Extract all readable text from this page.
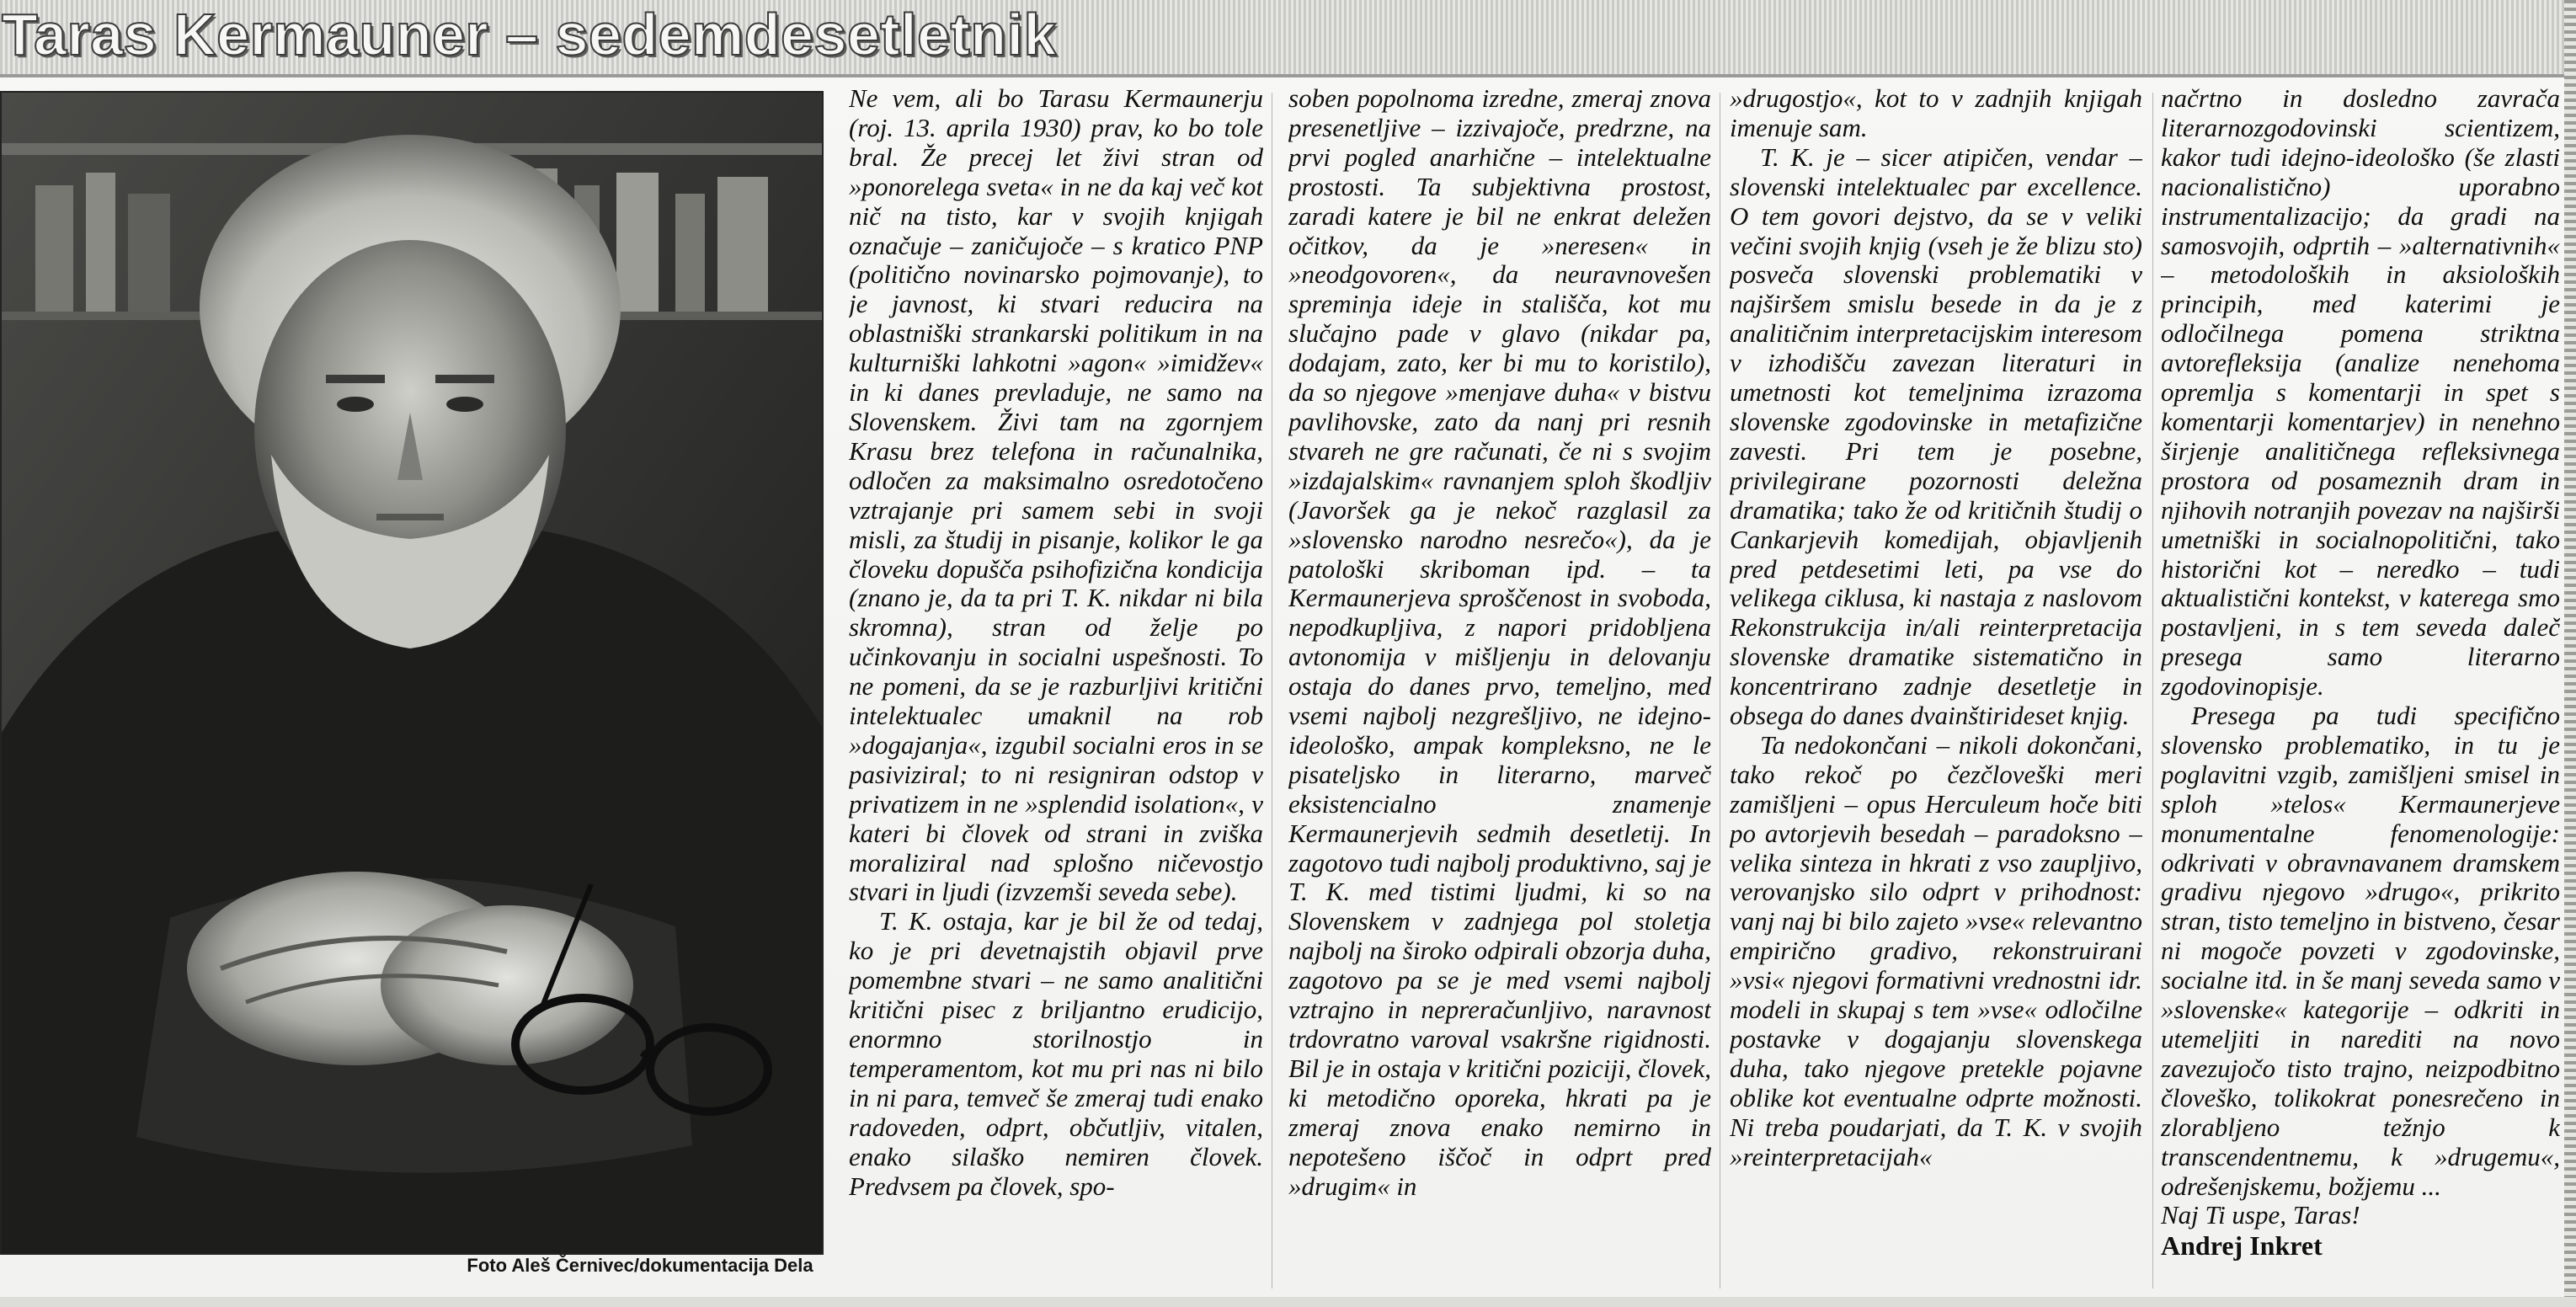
Taras Kermauner – sedemdesetletnik
Foto Aleš Černivec/dokumentacija Dela

Ne vem, ali bo Tarasu Kermaunerju (roj. 13. aprila 1930) prav, ko bo tole bral. Že precej let živi stran od »ponorelega sveta« in ne da kaj več kot nič na tisto, kar v svojih knjigah označuje – zaničujoče – s kratico PNP (politično novinarsko pojmovanje), to je javnost, ki stvari reducira na oblastniški strankarski politikum in na kulturniški lahkotni »agon« »imidžev« in ki danes prevladuje, ne samo na Slovenskem. Živi tam na zgornjem Krasu brez telefona in računalnika, odločen za maksimalno osredotočeno vztrajanje pri samem sebi in svoji misli, za študij in pisanje, kolikor le ga človeku dopušča psihofizična kondicija (znano je, da ta pri T. K. nikdar ni bila skromna), stran od želje po učinkovanju in socialni uspešnosti. To ne pomeni, da se je razburljivi kritični intelektualec umaknil na rob »dogajanja«, izgubil socialni eros in se pasiviziral; to ni resigniran odstop v privatizem in ne »splendid isolation«, v kateri bi človek od strani in zviška moraliziral nad splošno ničevostjo stvari in ljudi (izvzemši seveda sebe).

T. K. ostaja, kar je bil že od tedaj, ko je pri devetnajstih objavil prve pomembne stvari – ne samo analitični kritični pisec z briljantno erudicijo, enormno storilnostjo in temperamentom, kot mu pri nas ni bilo in ni para, temveč še zmeraj tudi enako radoveden, odprt, občutljiv, vitalen, enako silaško nemiren človek. Predvsem pa človek, spo-

soben popolnoma izredne, zmeraj znova presenetljive – izzivajoče, predrzne, na prvi pogled anarhične – intelektualne prostosti. Ta subjektivna prostost, zaradi katere je bil ne enkrat deležen očitkov, da je »neresen« in »neodgovoren«, da neuravnovešen spreminja ideje in stališča, kot mu slučajno pade v glavo (nikdar pa, dodajam, zato, ker bi mu to koristilo), da so njegove »menjave duha« v bistvu pavlihovske, zato da nanj pri resnih stvareh ne gre računati, če ni s svojim »izdajalskim« ravnanjem sploh škodljiv (Javoršek ga je nekoč razglasil za »slovensko narodno nesrečo«), da je patološki skriboman ipd. – ta Kermaunerjeva sproščenost in svoboda, nepodkupljiva, z napori pridobljena avtonomija v mišljenju in delovanju ostaja do danes prvo, temeljno, med vsemi najbolj nezgrešljivo, ne idejno-ideološko, ampak kompleksno, ne le pisateljsko in literarno, marveč eksistencialno znamenje Kermaunerjevih sedmih desetletij. In zagotovo tudi najbolj produktivno, saj je T. K. med tistimi ljudmi, ki so na Slovenskem v zadnjega pol stoletja najbolj na široko odpirali obzorja duha, zagotovo pa se je med vsemi najbolj vztrajno in nepreračunljivo, naravnost trdovratno varoval vsakršne rigidnosti. Bil je in ostaja v kritični poziciji, človek, ki metodično oporeka, hkrati pa je zmeraj znova enako nemirno in nepotešeno iščoč in odprt pred »drugim« in

»drugostjo«, kot to v zadnjih knjigah imenuje sam.

T. K. je – sicer atipičen, vendar – slovenski intelektualec par excellence. O tem govori dejstvo, da se v veliki večini svojih knjig (vseh je že blizu sto) posveča slovenski problematiki v najširšem smislu besede in da je z analitičnim interpretacijskim interesom v izhodišču zavezan literaturi in umetnosti kot temeljnima izrazoma slovenske zgodovinske in metafizične zavesti. Pri tem je posebne, privilegirane pozornosti deležna dramatika; tako že od kritičnih študij o Cankarjevih komedijah, objavljenih pred petdesetimi leti, pa vse do velikega ciklusa, ki nastaja z naslovom Rekonstrukcija in/ali reinterpretacija slovenske dramatike sistematično in koncentrirano zadnje desetletje in obsega do danes dvainštirideset knjig.

Ta nedokončani – nikoli dokončani, tako rekoč po čezčloveški meri zamišljeni – opus Herculeum hoče biti po avtorjevih besedah – paradoksno – velika sinteza in hkrati z vso zaupljivo, verovanjsko silo odprt v prihodnost: vanj naj bi bilo zajeto »vse« relevantno empirično gradivo, rekonstruirani »vsi« njegovi formativni vrednostni idr. modeli in skupaj s tem »vse« odločilne postavke v dogajanju slovenskega duha, tako njegove pretekle pojavne oblike kot eventualne odprte možnosti. Ni treba poudarjati, da T. K. v svojih »reinterpretacijah«

načrtno in dosledno zavrača literarnozgodovinski scientizem, kakor tudi idejno-ideološko (še zlasti nacionalistično) uporabno instrumentalizacijo; da gradi na samosvojih, odprtih – »alternativnih« – metodoloških in aksioloških principih, med katerimi je odločilnega pomena striktna avtorefleksija (analize nenehoma opremlja s komentarji in spet s komentarji komentarjev) in nenehno širjenje analitičnega refleksivnega prostora od posameznih dram in njihovih notranjih povezav na najširši umetniški in socialnopolitični, tako historični kot – neredko – tudi aktualistični kontekst, v katerega smo postavljeni, in s tem seveda daleč presega samo literarno zgodovinopisje.

Presega pa tudi specifično slovensko problematiko, in tu je poglavitni vzgib, zamišljeni smisel in sploh »telos« Kermaunerjeve monumentalne fenomenologije: odkrivati v obravnavanem dramskem gradivu njegovo »drugo«, prikrito stran, tisto temeljno in bistveno, česar ni mogoče povzeti v zgodovinske, socialne itd. in še manj seveda samo v »slovenske« kategorije – odkriti in utemeljiti in narediti na novo zavezujočo tisto trajno, neizpodbitno človeško, tolikokrat ponesrečeno in zlorabljeno težnjo k transcendentnemu, k »drugemu«, odrešenjskemu, božjemu ...

Naj Ti uspe, Taras!

Andrej Inkret
